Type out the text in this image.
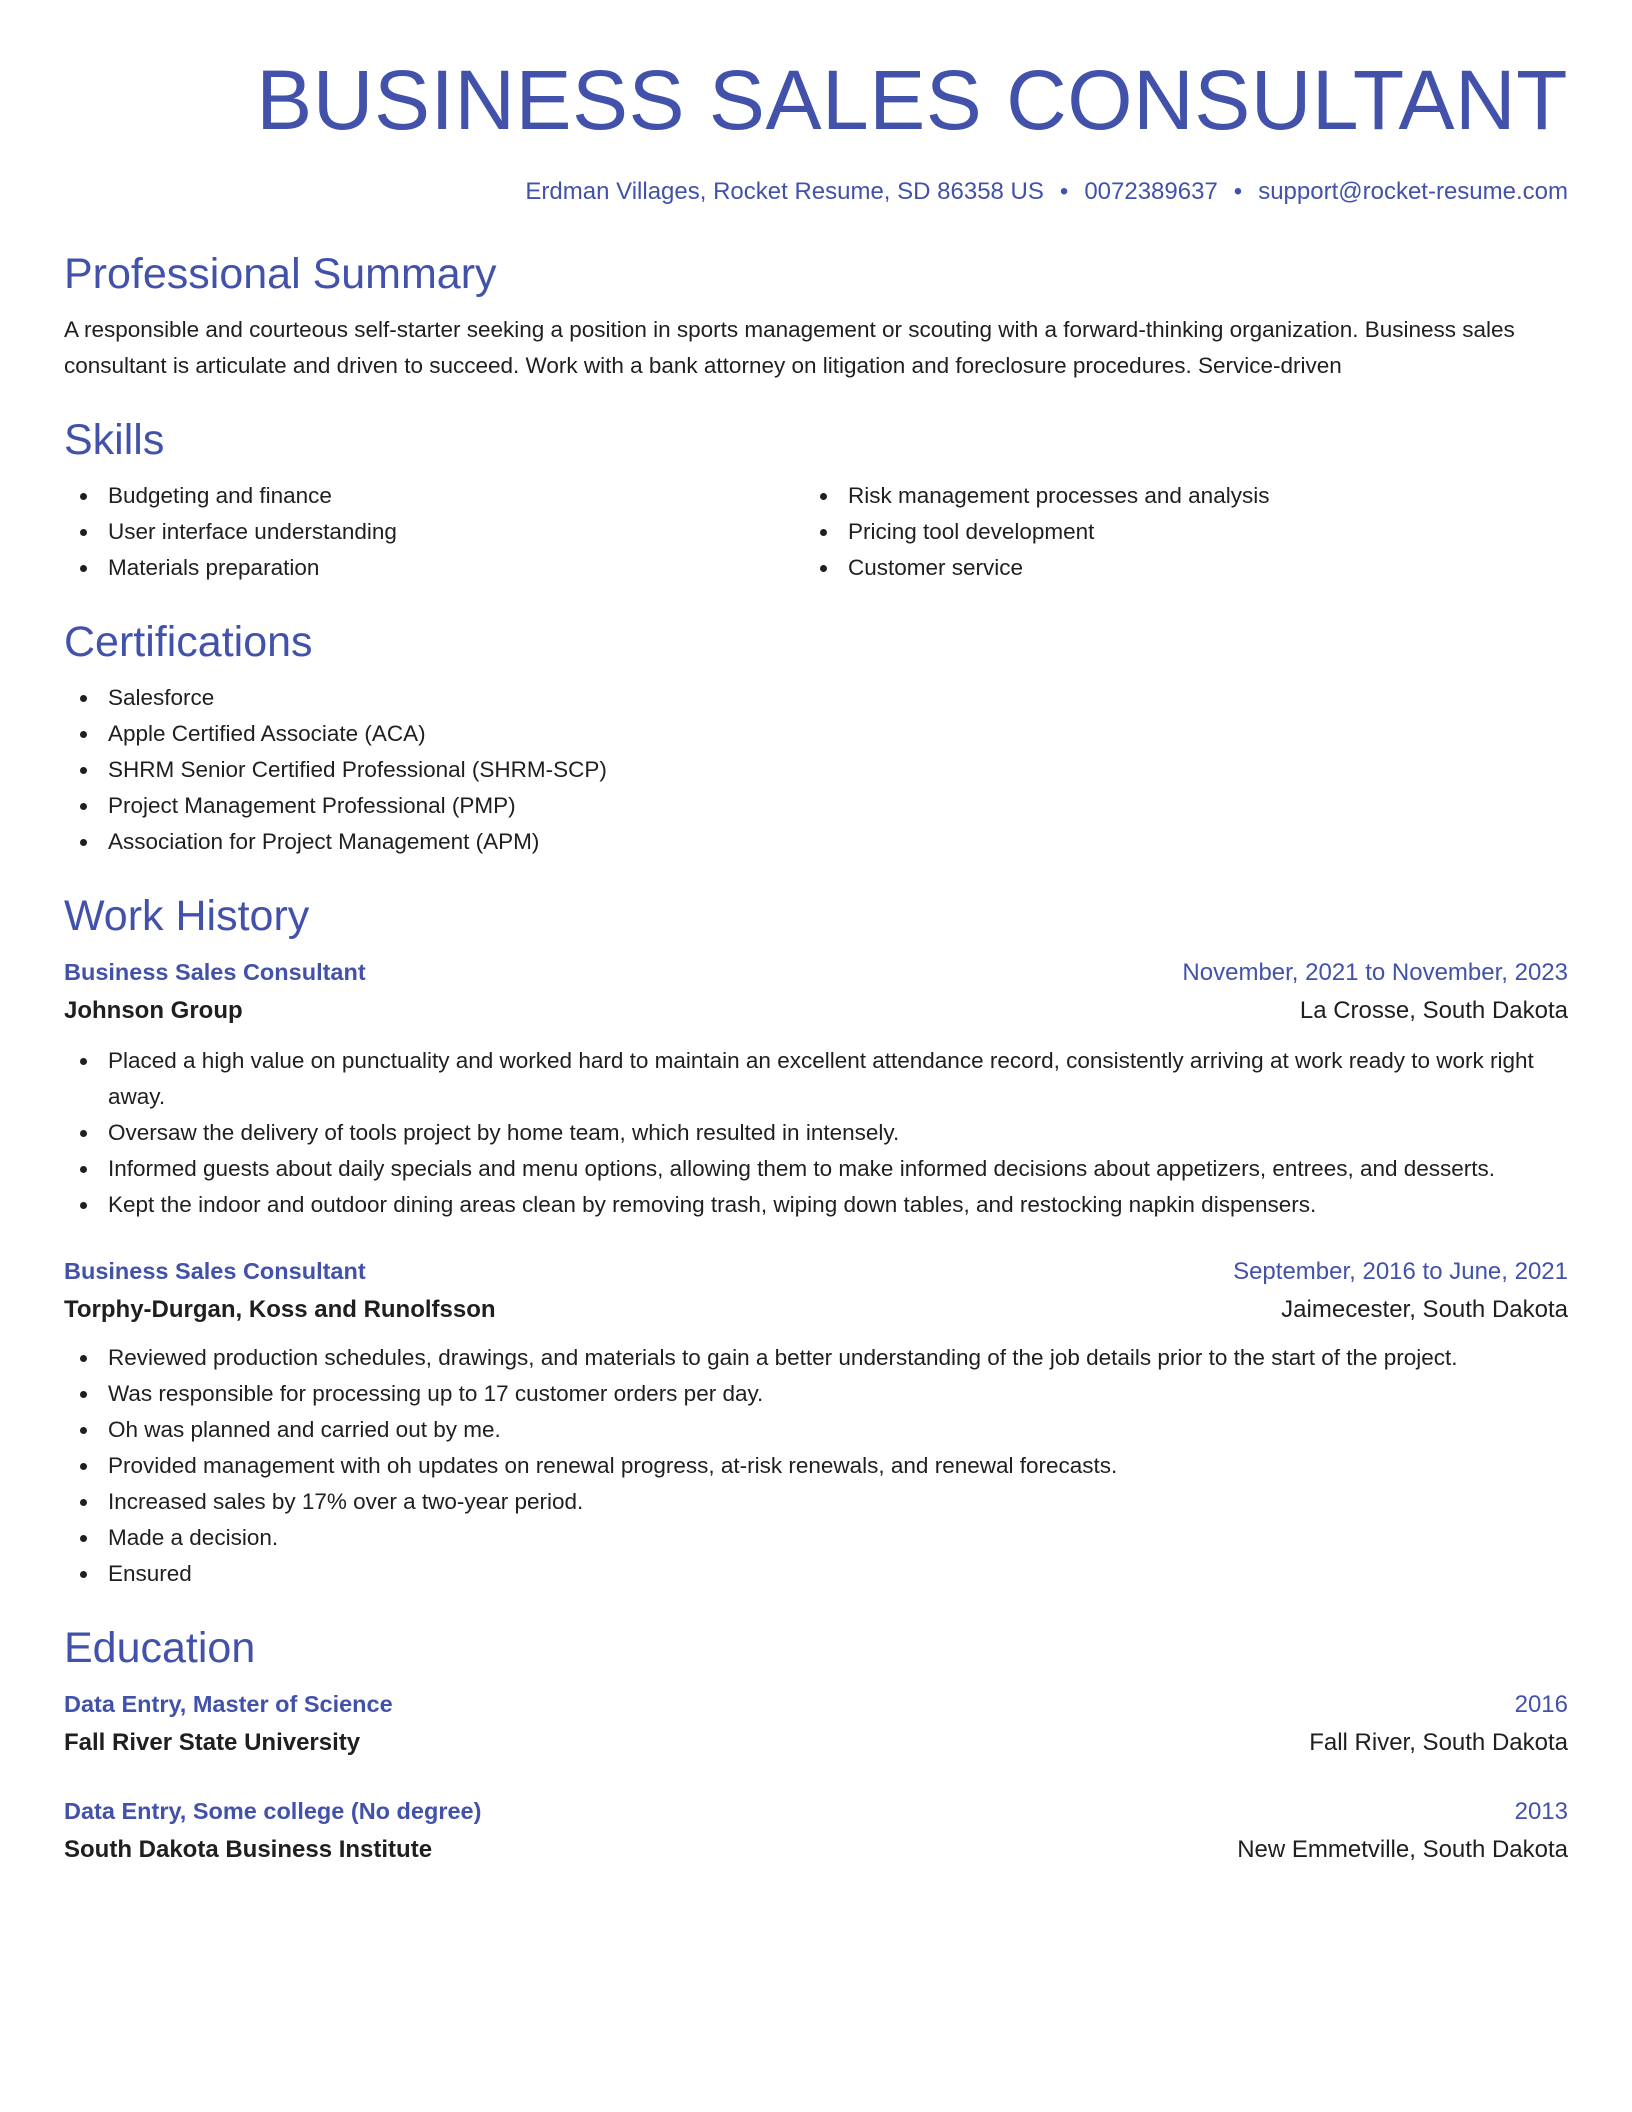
BUSINESS SALES CONSULTANT
Erdman Villages, Rocket Resume, SD 86358 US • 0072389637 • support@rocket-resume.com
Professional Summary
A responsible and courteous self-starter seeking a position in sports management or scouting with a forward-thinking organization. Business sales consultant is articulate and driven to succeed. Work with a bank attorney on litigation and foreclosure procedures. Service-driven
Skills
Budgeting and finance
User interface understanding
Materials preparation
Risk management processes and analysis
Pricing tool development
Customer service
Certifications
Salesforce
Apple Certified Associate (ACA)
SHRM Senior Certified Professional (SHRM-SCP)
Project Management Professional (PMP)
Association for Project Management (APM)
Work History
Business Sales Consultant	November, 2021 to November, 2023
Johnson Group	La Crosse, South Dakota
Placed a high value on punctuality and worked hard to maintain an excellent attendance record, consistently arriving at work ready to work right away.
Oversaw the delivery of tools project by home team, which resulted in intensely.
Informed guests about daily specials and menu options, allowing them to make informed decisions about appetizers, entrees, and desserts.
Kept the indoor and outdoor dining areas clean by removing trash, wiping down tables, and restocking napkin dispensers.
Business Sales Consultant	September, 2016 to June, 2021
Torphy-Durgan, Koss and Runolfsson	Jaimecester, South Dakota
Reviewed production schedules, drawings, and materials to gain a better understanding of the job details prior to the start of the project.
Was responsible for processing up to 17 customer orders per day.
Oh was planned and carried out by me.
Provided management with oh updates on renewal progress, at-risk renewals, and renewal forecasts.
Increased sales by 17% over a two-year period.
Made a decision.
Ensured
Education
Data Entry, Master of Science	2016
Fall River State University	Fall River, South Dakota
Data Entry, Some college (No degree)	2013
South Dakota Business Institute	New Emmetville, South Dakota
